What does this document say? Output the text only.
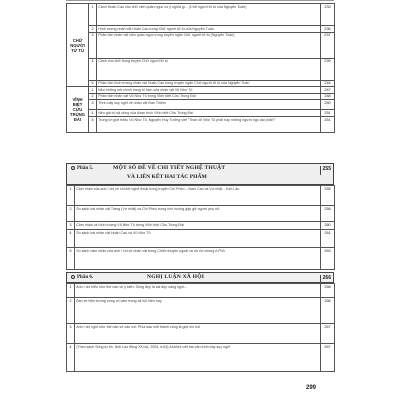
CHỮ NGƯỜI TỬ TÙ	1	Cảnh Huấn Cao cho chữ viên quản ngục có ý nghĩa gì... (Chữ người tử tù của Nguyễn Tuân)	233
	2	Hình tượng nhân vật Huấn Cao trong Chữ người tử tù của Nguyễn Tuân	236
	3	Phân tích nhân vật viên quản ngục trong truyện ngắn Chữ người tử tù (Nguyễn Tuân)	237
	4	Cảnh cho chữ trong truyện Chữ người tử tù	239
	5	Phân tích hình tượng nhân vật Huấn Cao trong truyện ngắn Chữ người tử tù của Nguyễn Tuân	244
VĨNH BIỆT CỬU TRÙNG ĐÀI	1	Nêu những nét chính trong bi kịch của nhân vật Vũ Như Tô	247
	2	Phân tích nhân vật Vũ Như Tô trong Vĩnh biệt Cửu Trùng Đài	248
	3	Trình bày suy nghĩ về nhân vật Đan Thiềm	250
	4	Nêu giá trị nội dung của đoạn trích Vĩnh biệt Cửu Trùng Đài	251
	5	Trong lời giới thiệu Vũ Như Tô, Nguyễn Huy Tưởng viết "Than ôi! Như Tô phải hay những người ngu dại phải?"	251
Phần 5.	MỘT SỐ ĐỀ VỀ CHI TIẾT NGHỆ THUẬT
VÀ LIÊN KẾT HAI TÁC PHẨM
255
1	Cảm nhận của anh / chị về chi tiết nghệ thuật trong truyện Chí Phèo – Nam Cao và Vợ nhặt – Kim Lân	255
2	So sánh hai nhân vật Tràng (Vợ nhặt) và Chí Phèo trong tình huống gặp gỡ người phụ nữ	258
3	Cảm nhận về hình tượng Vũ Như Tô trong Vĩnh biệt Cửu Trùng Đài	260
4	So sánh hai nhân vật Huấn Cao và Vũ Như Tô	261
5	So sánh cảm nhận của anh / chị về nhân vật trong Chiếc thuyền ngoài xa và Vợ chồng A Phủ	263
Phần 6.	NGHỊ LUẬN XÃ HỘI	266
1	Anh / chị hiểu như thế nào về ý kiến: Sống đẹp là cái đẹp sáng ngời...	266
2	Bàn về hiện tượng sống vô cảm trong xã hội hiện nay	266
3	Anh / chị nghĩ như thế nào về câu nói: Phía sau mỗi thành công là giọt mồ hôi	267
4	(Theo sách Sống tự tin, Nxb Lao động Xã hội, 2004, tr.64) Anh/chị viết bài văn trình bày suy nghĩ	267
299
